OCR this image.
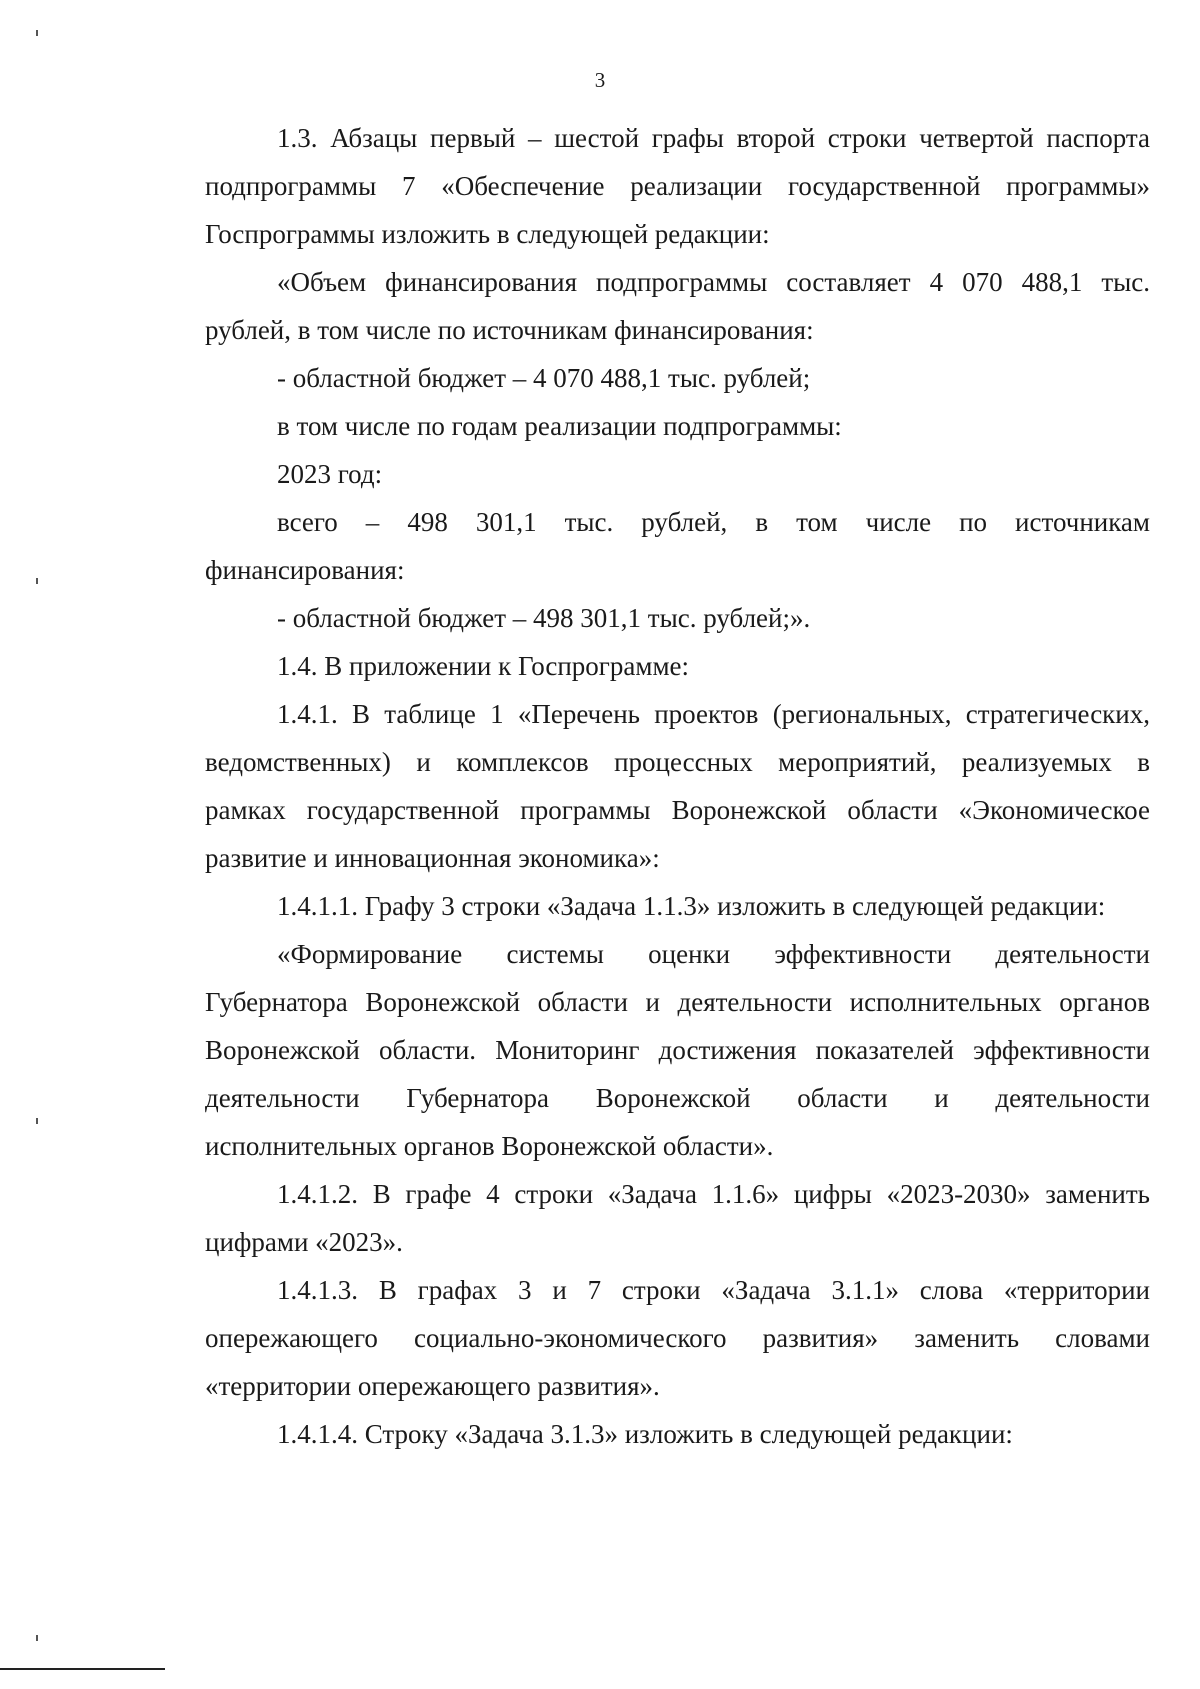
3

1.3. Абзацы первый – шестой графы второй строки четвертой паспорта
подпрограммы 7 «Обеспечение реализации государственной программы»
Госпрограммы изложить в следующей редакции:

«Объем финансирования подпрограммы составляет 4 070 488,1 тыс.
рублей, в том числе по источникам финансирования:

- областной бюджет – 4 070 488,1 тыс. рублей;

в том числе по годам реализации подпрограммы:

2023 год:

всего – 498 301,1 тыс. рублей, в том числе по источникам
финансирования:

- областной бюджет – 498 301,1 тыс. рублей;».

1.4. В приложении к Госпрограмме:

1.4.1. В таблице 1 «Перечень проектов (региональных, стратегических,
ведомственных) и комплексов процессных мероприятий, реализуемых в
рамках государственной программы Воронежской области «Экономическое
развитие и инновационная экономика»:

1.4.1.1. Графу 3 строки «Задача 1.1.3» изложить в следующей редакции:

«Формирование системы оценки эффективности деятельности
Губернатора Воронежской области и деятельности исполнительных органов
Воронежской области. Мониторинг достижения показателей эффективности
деятельности Губернатора Воронежской области и деятельности
исполнительных органов Воронежской области».

1.4.1.2. В графе 4 строки «Задача 1.1.6» цифры «2023-2030» заменить
цифрами «2023».

1.4.1.3. В графах 3 и 7 строки «Задача 3.1.1» слова «территории
опережающего социально-экономического развития» заменить словами
«территории опережающего развития».

1.4.1.4. Строку «Задача 3.1.3» изложить в следующей редакции:
